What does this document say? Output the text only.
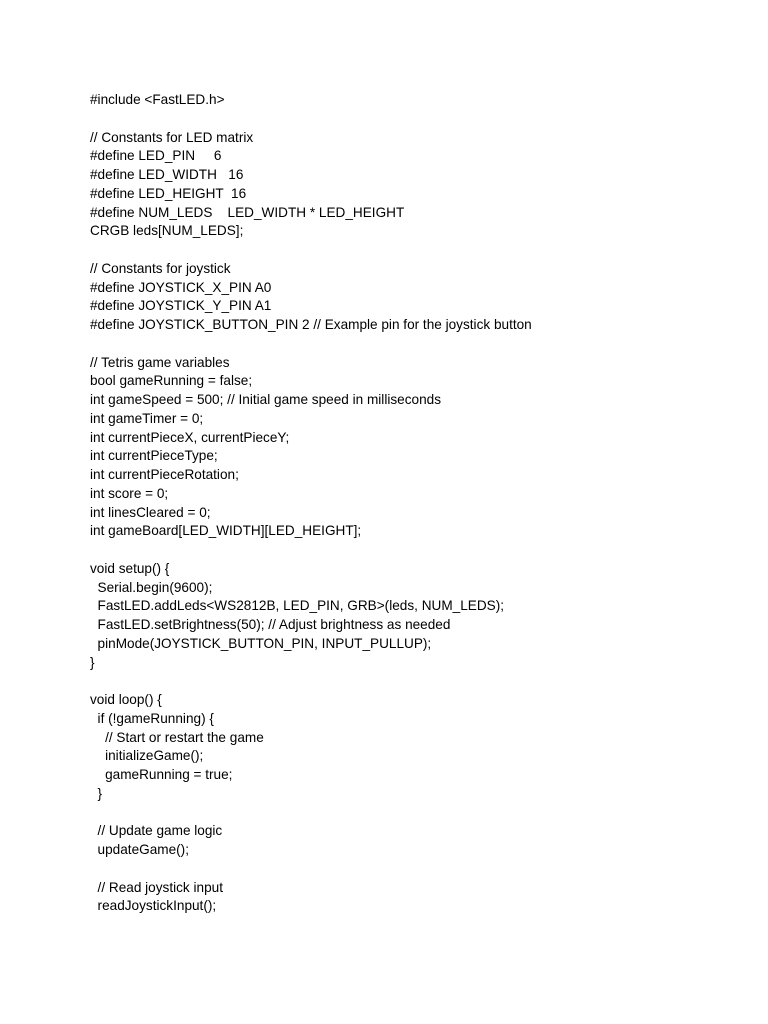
#include <FastLED.h>
// Constants for LED matrix
#define LED_PIN     6
#define LED_WIDTH   16
#define LED_HEIGHT  16
#define NUM_LEDS    LED_WIDTH * LED_HEIGHT
CRGB leds[NUM_LEDS];
// Constants for joystick
#define JOYSTICK_X_PIN A0
#define JOYSTICK_Y_PIN A1
#define JOYSTICK_BUTTON_PIN 2 // Example pin for the joystick button
// Tetris game variables
bool gameRunning = false;
int gameSpeed = 500; // Initial game speed in milliseconds
int gameTimer = 0;
int currentPieceX, currentPieceY;
int currentPieceType;
int currentPieceRotation;
int score = 0;
int linesCleared = 0;
int gameBoard[LED_WIDTH][LED_HEIGHT];
void setup() {
Serial.begin(9600);
FastLED.addLeds<WS2812B, LED_PIN, GRB>(leds, NUM_LEDS);
FastLED.setBrightness(50); // Adjust brightness as needed
pinMode(JOYSTICK_BUTTON_PIN, INPUT_PULLUP);
}
void loop() {
if (!gameRunning) {
// Start or restart the game
initializeGame();
gameRunning = true;
}
// Update game logic
updateGame();
// Read joystick input
readJoystickInput();
